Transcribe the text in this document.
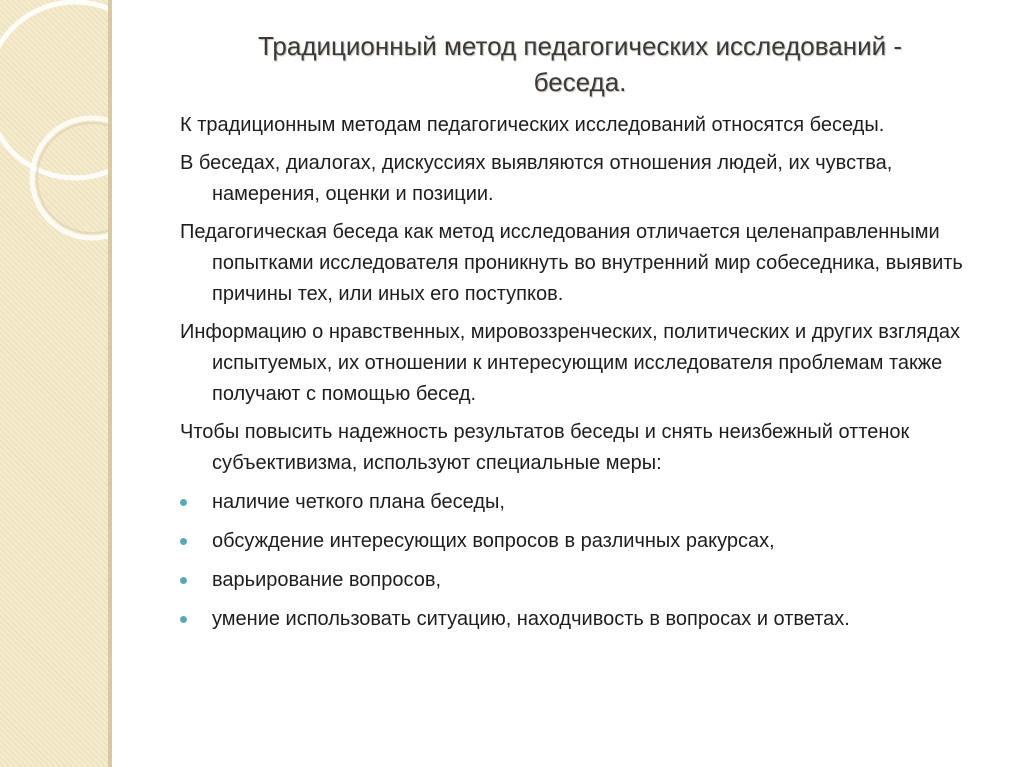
Традиционный метод педагогических исследований -
беседа.
К традиционным методам педагогических исследований относятся беседы.
В беседах, диалогах, дискуссиях выявляются отношения людей, их чувства, намерения, оценки и позиции.
Педагогическая беседа как метод исследования отличается целенаправленными попытками исследователя проникнуть во внутренний мир собеседника, выявить причины тех, или иных его поступков.
Информацию о нравственных, мировоззренческих, политических и других взглядах испытуемых, их отношении к интересующим исследователя проблемам также получают с помощью бесед.
Чтобы повысить надежность результатов беседы и снять неизбежный оттенок субъективизма, используют специальные меры:
наличие четкого плана беседы,
обсуждение интересующих вопросов в различных ракурсах,
варьирование вопросов,
умение использовать ситуацию, находчивость в вопросах и ответах.
